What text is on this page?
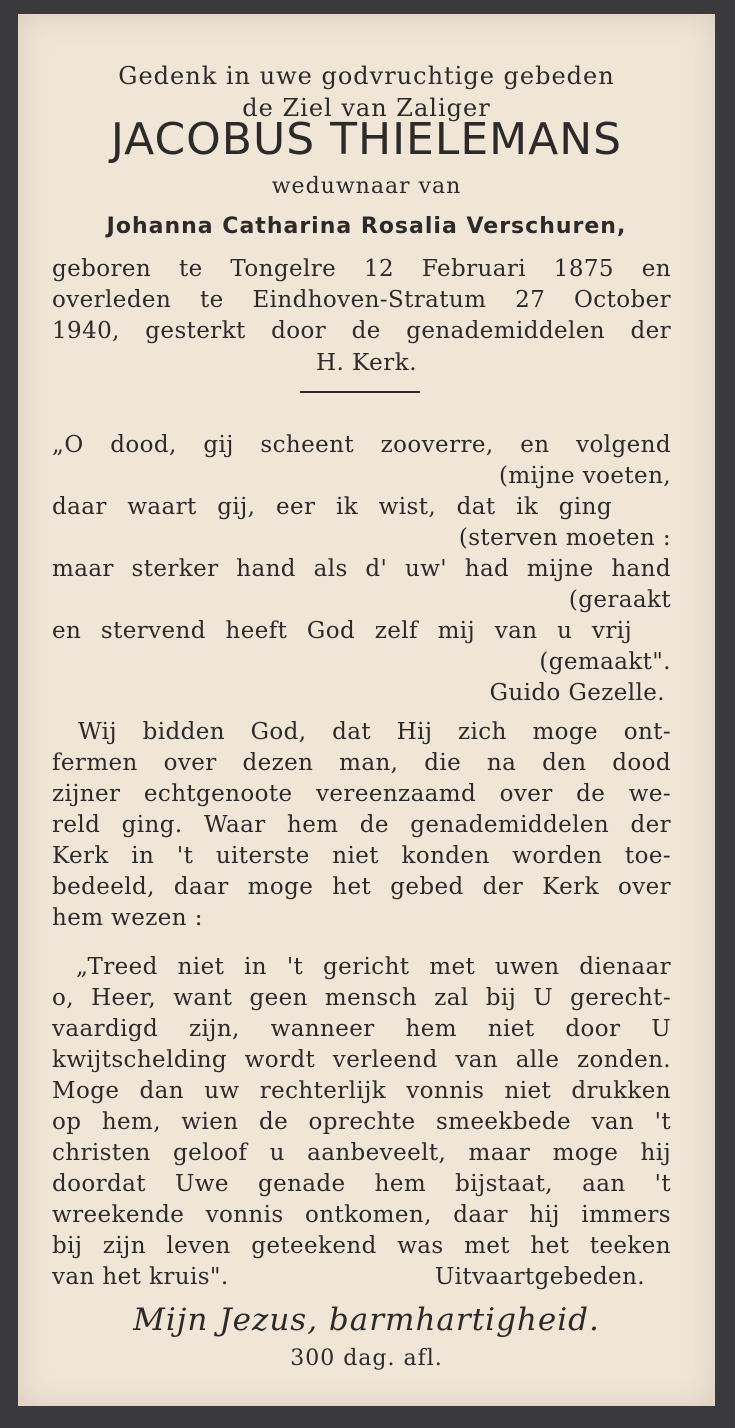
Gedenk in uwe godvruchtige gebeden
de Ziel van Zaliger
JACOBUS THIELEMANS
weduwnaar van
Johanna Catharina Rosalia Verschuren,
geboren te Tongelre 12 Februari 1875 en
overleden te Eindhoven-Stratum 27 October
1940, gesterkt door de genademiddelen der
H. Kerk.
„O dood, gij scheent zooverre, en volgend
(mijne voeten,
daar waart gij, eer ik wist, dat ik ging
(sterven moeten :
maar sterker hand als d' uw' had mijne hand
(geraakt
en stervend heeft God zelf mij van u vrij
(gemaakt".
Guido Gezelle.
Wij bidden God, dat Hij zich moge ont-
fermen over dezen man, die na den dood
zijner echtgenoote vereenzaamd over de we-
reld ging. Waar hem de genademiddelen der
Kerk in 't uiterste niet konden worden toe-
bedeeld, daar moge het gebed der Kerk over
hem wezen :
„Treed niet in 't gericht met uwen dienaar
o, Heer, want geen mensch zal bij U gerecht-
vaardigd zijn, wanneer hem niet door U
kwijtschelding wordt verleend van alle zonden.
Moge dan uw rechterlijk vonnis niet drukken
op hem, wien de oprechte smeekbede van 't
christen geloof u aanbeveelt, maar moge hij
doordat Uwe genade hem bijstaat, aan 't
wreekende vonnis ontkomen, daar hij immers
bij zijn leven geteekend was met het teeken
van het kruis".	Uitvaartgebeden.
Mijn Jezus, barmhartigheid.
300 dag. afl.
